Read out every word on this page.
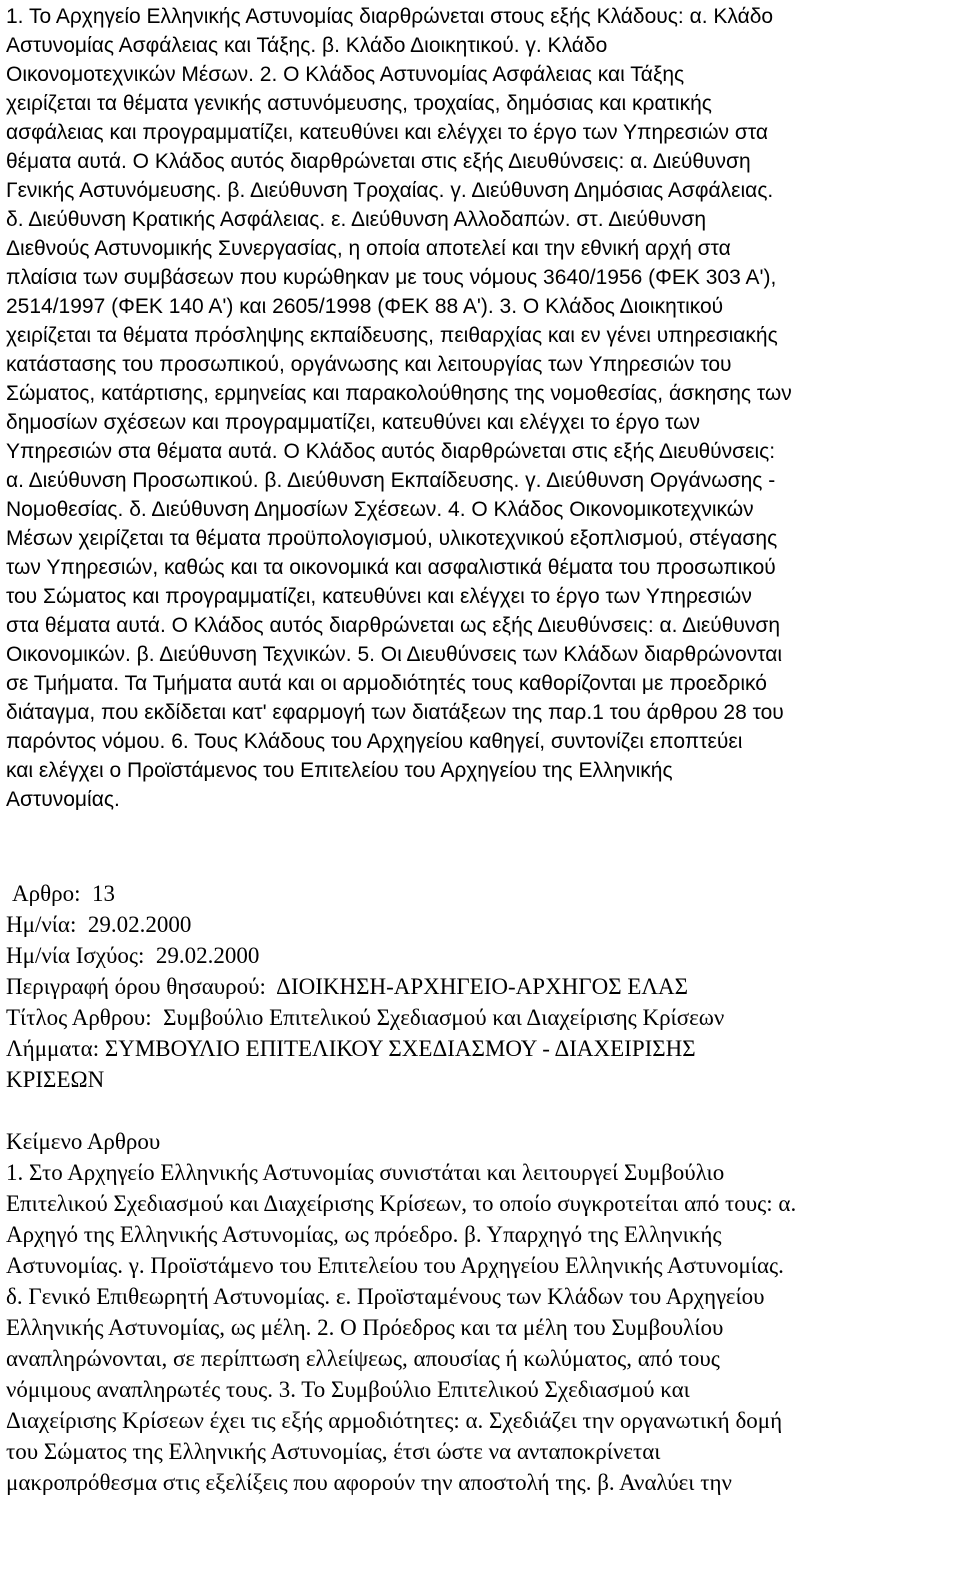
1. Το Αρχηγείο Ελληνικής Αστυνομίας διαρθρώνεται στους εξής Κλάδους: α. Κλάδο
Αστυνομίας Ασφάλειας και Τάξης. β. Κλάδο Διοικητικού. γ. Κλάδο
Οικονομοτεχνικών Μέσων. 2. Ο Κλάδος Αστυνομίας Ασφάλειας και Τάξης
χειρίζεται τα θέματα γενικής αστυνόμευσης, τροχαίας, δημόσιας και κρατικής
ασφάλειας και προγραμματίζει, κατευθύνει και ελέγχει το έργο των Υπηρεσιών στα
θέματα αυτά. Ο Κλάδος αυτός διαρθρώνεται στις εξής Διευθύνσεις: α. Διεύθυνση
Γενικής Αστυνόμευσης. β. Διεύθυνση Τροχαίας. γ. Διεύθυνση Δημόσιας Ασφάλειας.
δ. Διεύθυνση Κρατικής Ασφάλειας. ε. Διεύθυνση Αλλοδαπών. στ. Διεύθυνση
Διεθνούς Αστυνομικής Συνεργασίας, η οποία αποτελεί και την εθνική αρχή στα
πλαίσια των συμβάσεων που κυρώθηκαν με τους νόμους 3640/1956 (ΦΕΚ 303 Α'),
2514/1997 (ΦΕΚ 140 Α') και 2605/1998 (ΦΕΚ 88 Α'). 3. Ο Κλάδος Διοικητικού
χειρίζεται τα θέματα πρόσληψης εκπαίδευσης, πειθαρχίας και εν γένει υπηρεσιακής
κατάστασης του προσωπικού, οργάνωσης και λειτουργίας των Υπηρεσιών του
Σώματος, κατάρτισης, ερμηνείας και παρακολούθησης της νομοθεσίας, άσκησης των
δημοσίων σχέσεων και προγραμματίζει, κατευθύνει και ελέγχει το έργο των
Υπηρεσιών στα θέματα αυτά. Ο Κλάδος αυτός διαρθρώνεται στις εξής Διευθύνσεις:
α. Διεύθυνση Προσωπικού. β. Διεύθυνση Εκπαίδευσης. γ. Διεύθυνση Οργάνωσης -
Νομοθεσίας. δ. Διεύθυνση Δημοσίων Σχέσεων. 4. Ο Κλάδος Οικονομικοτεχνικών
Μέσων χειρίζεται τα θέματα προϋπολογισμού, υλικοτεχνικού εξοπλισμού, στέγασης
των Υπηρεσιών, καθώς και τα οικονομικά και ασφαλιστικά θέματα του προσωπικού
του Σώματος και προγραμματίζει, κατευθύνει και ελέγχει το έργο των Υπηρεσιών
στα θέματα αυτά. Ο Κλάδος αυτός διαρθρώνεται ως εξής Διευθύνσεις: α. Διεύθυνση
Οικονομικών. β. Διεύθυνση Τεχνικών. 5. Οι Διευθύνσεις των Κλάδων διαρθρώνονται
σε Τμήματα. Τα Τμήματα αυτά και οι αρμοδιότητές τους καθορίζονται με προεδρικό
διάταγμα, που εκδίδεται κατ' εφαρμογή των διατάξεων της παρ.1 του άρθρου 28 του
παρόντος νόμου. 6. Τους Κλάδους του Αρχηγείου καθηγεί, συντονίζει εποπτεύει
και ελέγχει ο Προϊστάμενος του Επιτελείου του Αρχηγείου της Ελληνικής
Αστυνομίας.

Αρθρο: 13
Ημ/νία: 29.02.2000
Ημ/νία Ισχύος: 29.02.2000
Περιγραφή όρου θησαυρού: ΔΙΟΙΚΗΣΗ-ΑΡΧΗΓΕΙΟ-ΑΡΧΗΓΟΣ ΕΛΑΣ
Τίτλος Αρθρου: Συμβούλιο Επιτελικού Σχεδιασμού και Διαχείρισης Κρίσεων
Λήμματα: ΣΥΜΒΟΥΛΙΟ ΕΠΙΤΕΛΙΚΟΥ ΣΧΕΔΙΑΣΜΟΥ - ΔΙΑΧΕΙΡΙΣΗΣ
ΚΡΙΣΕΩΝ
Κείμενο Αρθρου

1. Στο Αρχηγείο Ελληνικής Αστυνομίας συνιστάται και λειτουργεί Συμβούλιο
Επιτελικού Σχεδιασμού και Διαχείρισης Κρίσεων, το οποίο συγκροτείται από τους: α.
Αρχηγό της Ελληνικής Αστυνομίας, ως πρόεδρο. β. Υπαρχηγό της Ελληνικής
Αστυνομίας. γ. Προϊστάμενο του Επιτελείου του Αρχηγείου Ελληνικής Αστυνομίας.
δ. Γενικό Επιθεωρητή Αστυνομίας. ε. Προϊσταμένους των Κλάδων του Αρχηγείου
Ελληνικής Αστυνομίας, ως μέλη. 2. Ο Πρόεδρος και τα μέλη του Συμβουλίου
αναπληρώνονται, σε περίπτωση ελλείψεως, απουσίας ή κωλύματος, από τους
νόμιμους αναπληρωτές τους. 3. Το Συμβούλιο Επιτελικού Σχεδιασμού και
Διαχείρισης Κρίσεων έχει τις εξής αρμοδιότητες: α. Σχεδιάζει την οργανωτική δομή
του Σώματος της Ελληνικής Αστυνομίας, έτσι ώστε να ανταποκρίνεται
μακροπρόθεσμα στις εξελίξεις που αφορούν την αποστολή της. β. Αναλύει την
